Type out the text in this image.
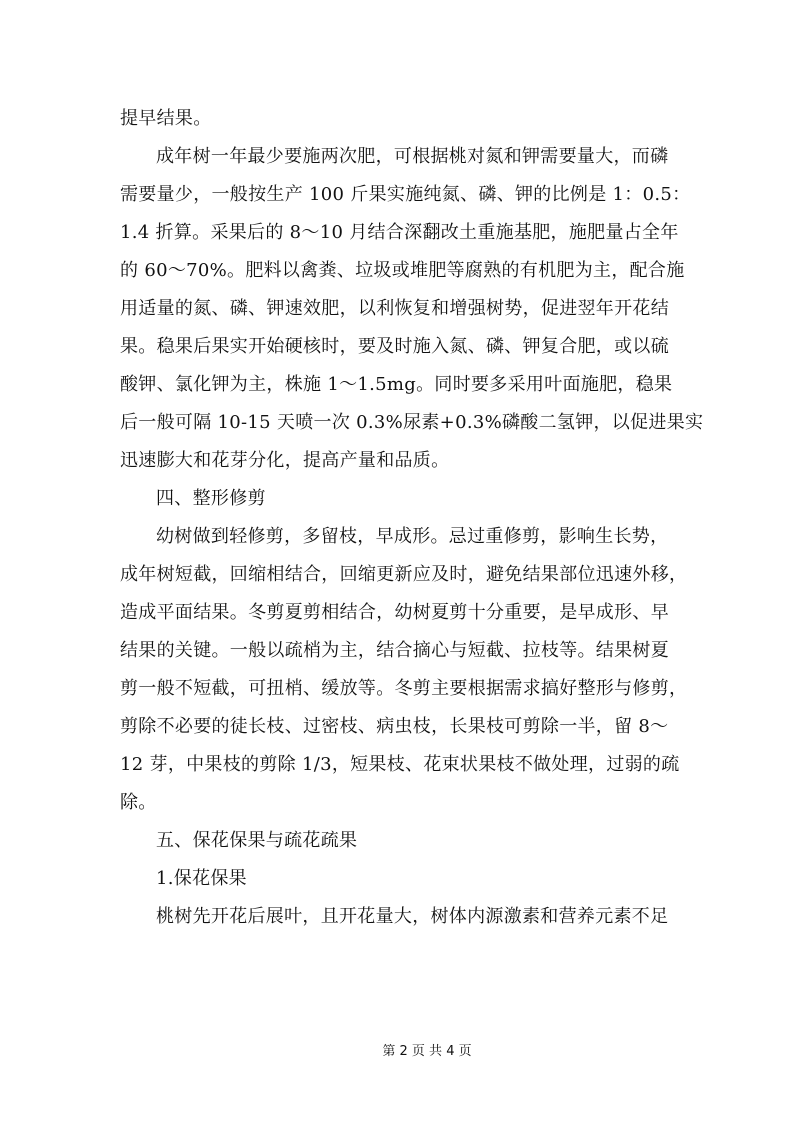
提早结果。
成年树一年最少要施两次肥，可根据桃对氮和钾需要量大，而磷
需要量少，一般按生产 100 斤果实施纯氮、磷、钾的比例是 1：0.5：
1.4 折算。采果后的 8～10 月结合深翻改土重施基肥，施肥量占全年
的 60～70%。肥料以禽粪、垃圾或堆肥等腐熟的有机肥为主，配合施
用适量的氮、磷、钾速效肥，以利恢复和增强树势，促进翌年开花结
果。稳果后果实开始硬核时，要及时施入氮、磷、钾复合肥，或以硫
酸钾、氯化钾为主，株施 1～1.5mg。同时要多采用叶面施肥，稳果
后一般可隔 10-15 天喷一次 0.3%尿素+0.3%磷酸二氢钾，以促进果实
迅速膨大和花芽分化，提高产量和品质。
四、整形修剪
幼树做到轻修剪，多留枝，早成形。忌过重修剪，影响生长势，
成年树短截，回缩相结合，回缩更新应及时，避免结果部位迅速外移，
造成平面结果。冬剪夏剪相结合，幼树夏剪十分重要，是早成形、早
结果的关键。一般以疏梢为主，结合摘心与短截、拉枝等。结果树夏
剪一般不短截，可扭梢、缓放等。冬剪主要根据需求搞好整形与修剪，
剪除不必要的徒长枝、过密枝、病虫枝，长果枝可剪除一半，留 8～
12 芽，中果枝的剪除 1/3，短果枝、花束状果枝不做处理，过弱的疏
除。
五、保花保果与疏花疏果
1.保花保果
桃树先开花后展叶，且开花量大，树体内源激素和营养元素不足
第 2 页 共 4 页
